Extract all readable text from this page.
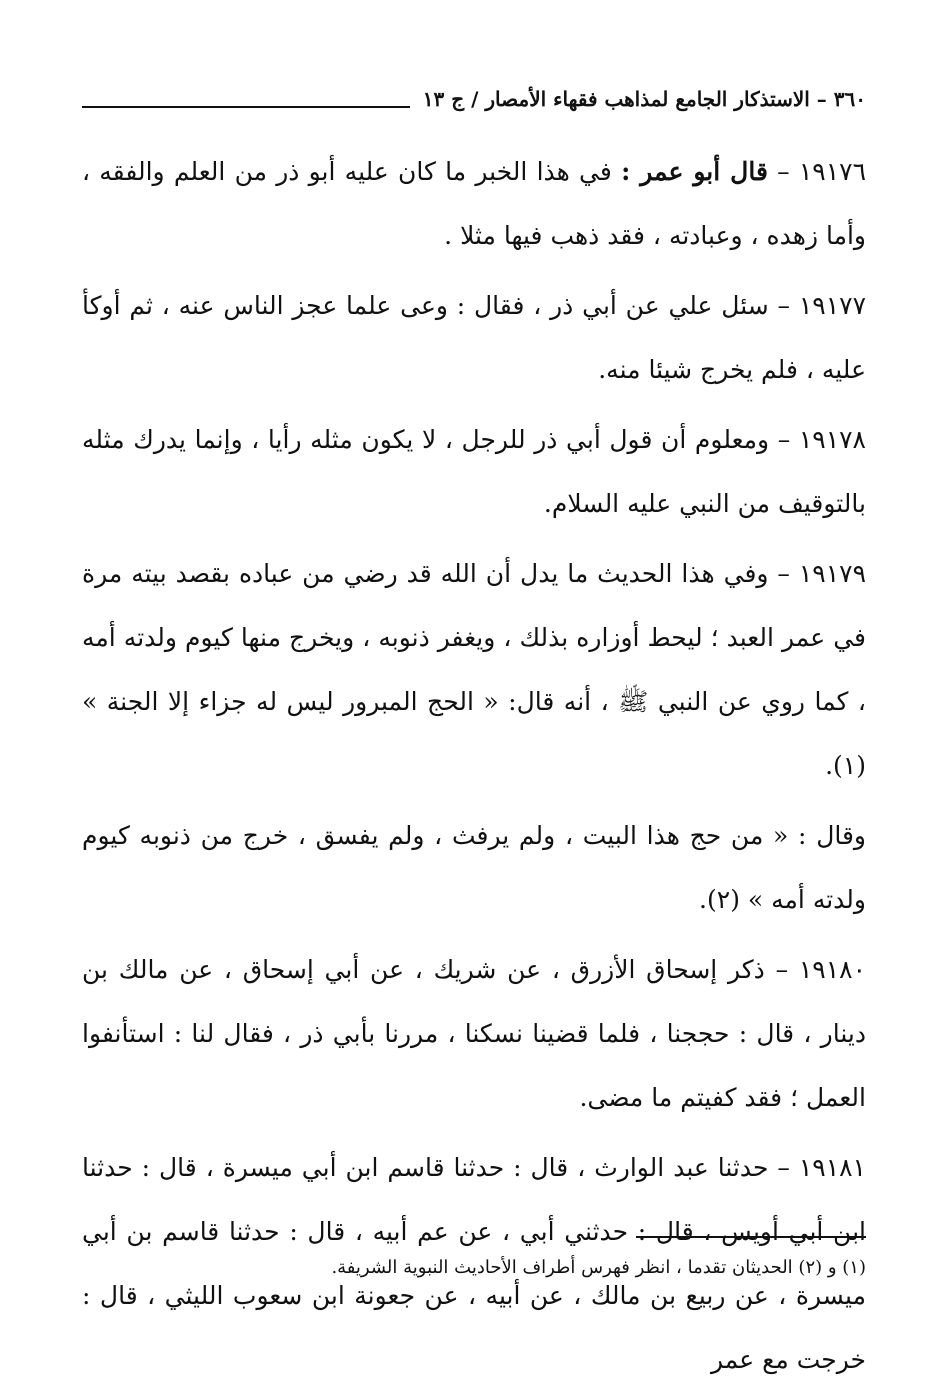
٣٦٠ – الاستذكار الجامع لمذاهب فقهاء الأمصار / ج ١٣

١٩١٧٦ – قال أبو عمر : في هذا الخبر ما كان عليه أبو ذر من العلم والفقه ، وأما زهده ، وعبادته ، فقد ذهب فيها مثلا .

١٩١٧٧ – سئل علي عن أبي ذر ، فقال : وعى علما عجز الناس عنه ، ثم أوكأ عليه ، فلم يخرج شيئا منه.

١٩١٧٨ – ومعلوم أن قول أبي ذر للرجل ، لا يكون مثله رأيا ، وإنما يدرك مثله بالتوقيف من النبي عليه السلام.

١٩١٧٩ – وفي هذا الحديث ما يدل أن الله قد رضي من عباده بقصد بيته مرة في عمر العبد ؛ ليحط أوزاره بذلك ، ويغفر ذنوبه ، ويخرج منها كيوم ولدته أمه ، كما روي عن النبي ﷺ ، أنه قال: « الحج المبرور ليس له جزاء إلا الجنة » (١).

وقال : « من حج هذا البيت ، ولم يرفث ، ولم يفسق ، خرج من ذنوبه كيوم ولدته أمه » (٢).

١٩١٨٠ – ذكر إسحاق الأزرق ، عن شريك ، عن أبي إسحاق ، عن مالك بن دينار ، قال : حججنا ، فلما قضينا نسكنا ، مررنا بأبي ذر ، فقال لنا : استأنفوا العمل ؛ فقد كفيتم ما مضى.

١٩١٨١ – حدثنا عبد الوارث ، قال : حدثنا قاسم ابن أبي ميسرة ، قال : حدثنا ابن أبي أويس ، قال : حدثني أبي ، عن عم أبيه ، قال : حدثنا قاسم بن أبي ميسرة ، عن ربيع بن مالك ، عن أبيه ، عن جعونة ابن سعوب الليثي ، قال : خرجت مع عمر

(١) و (٢) الحديثان تقدما ، انظر فهرس أطراف الأحاديث النبوية الشريفة.
